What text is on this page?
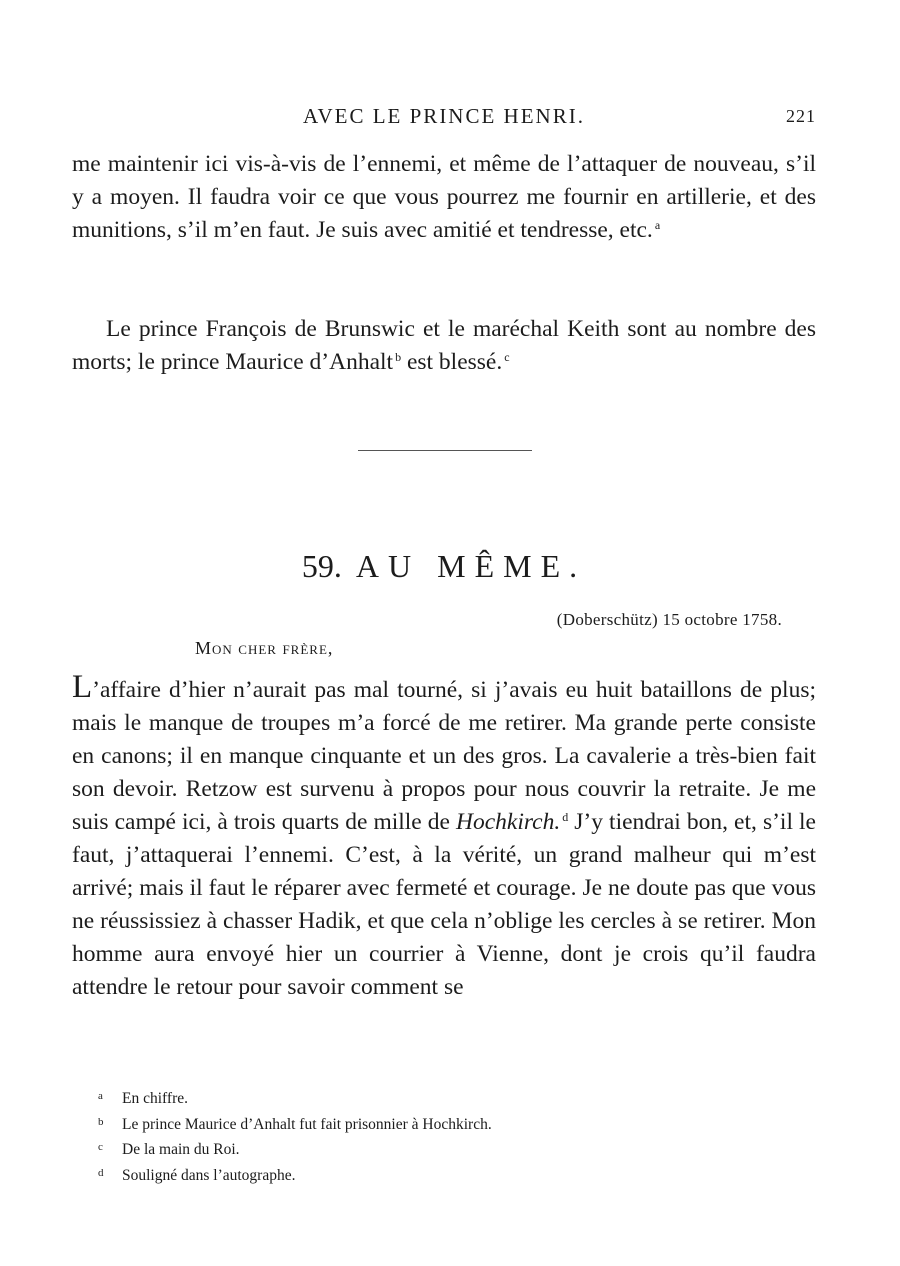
AVEC LE PRINCE HENRI.	221

me maintenir ici vis-à-vis de l’ennemi, et même de l’attaquer de nouveau, s’il y a moyen. Il faudra voir ce que vous pourrez me fournir en artillerie, et des munitions, s’il m’en faut. Je suis avec amitié et tendresse, etc. $^a$

Le prince François de Brunswic et le maréchal Keith sont au nombre des morts; le prince Maurice d’Anhalt $^b$ est blessé. $^c$

59. AU MÊME.
(Doberschütz) 15 octobre 1758.
Mon cher frère,

L’affaire d’hier n’aurait pas mal tourné, si j’avais eu huit bataillons de plus; mais le manque de troupes m’a forcé de me retirer. Ma grande perte consiste en canons; il en manque cinquante et un des gros. La cavalerie a très-bien fait son devoir. Retzow est survenu à propos pour nous couvrir la retraite. Je me suis campé ici, à trois quarts de mille de Hochkirch. $^d$ J’y tiendrai bon, et, s’il le faut, j’attaquerai l’ennemi. C’est, à la vérité, un grand malheur qui m’est arrivé; mais il faut le réparer avec fermeté et courage. Je ne doute pas que vous ne réussissiez à chasser Hadik, et que cela n’oblige les cercles à se retirer. Mon homme aura envoyé hier un courrier à Vienne, dont je crois qu’il faudra attendre le retour pour savoir comment se

a En chiffre.
b Le prince Maurice d’Anhalt fut fait prisonnier à Hochkirch.
c De la main du Roi.
d Souligné dans l’autographe.
